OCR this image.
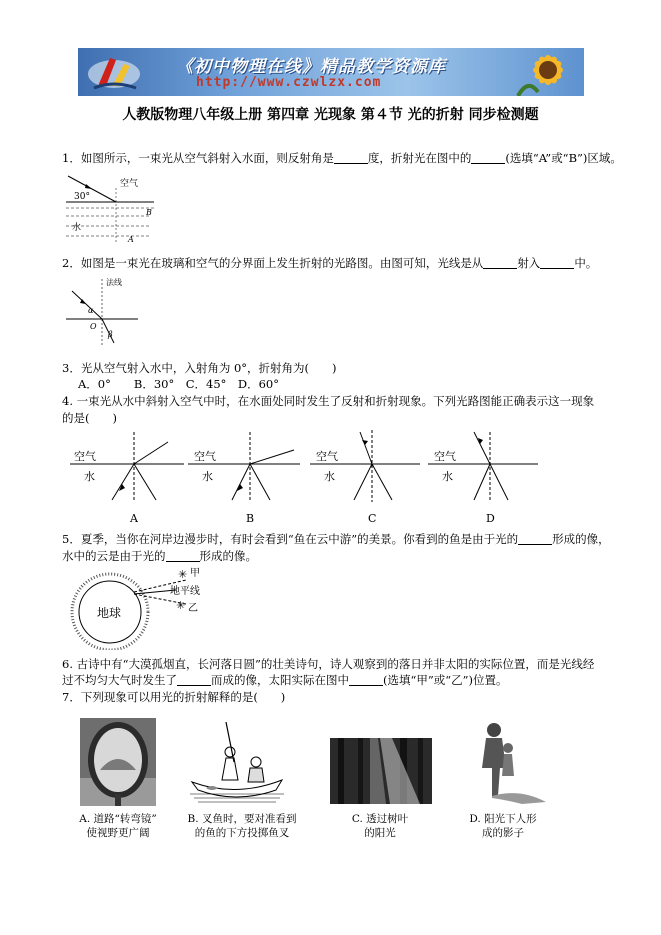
《初中物理在线》精品教学资源库
http://www.czwlzx.com
人教版物理八年级上册 第四章 光现象 第４节 光的折射 同步检测题
1．如图所示，一束光从空气斜射入水面，则反射角是	度，折射光在图中的	(选填“A”或“B”)区域。
30°
空气
水
B
A
2．如图是一束光在玻璃和空气的分界面上发生折射的光路图。由图可知，光线是从	射入	中。
法线
α
O
β
3．光从空气射入水中，入射角为 0°，折射角为(　　)
A．0°　　B．30°　C．45°　D．60°
4. 一束光从水中斜射入空气中时，在水面处同时发生了反射和折射现象。下列光路图能正确表示这一现象
的是(　　)
空气
水
A
空气
水
B
空气
水
C
空气
水
D
5．夏季，当你在河岸边漫步时，有时会看到“鱼在云中游”的美景。你看到的鱼是由于光的	形成的像，
水中的云是由于光的	形成的像。
地球
✳ 甲
地平线
✳ 乙
6. 古诗中有“大漠孤烟直，长河落日圆”的壮美诗句，诗人观察到的落日并非太阳的实际位置，而是光线经
过不均匀大气时发生了	而成的像，太阳实际在图中	(选填“甲”或“乙”)位置。
7．下列现象可以用光的折射解释的是(　　)
A. 道路“转弯镜”
使视野更广阔
B. 叉鱼时，要对准看到
的鱼的下方投掷鱼叉
C. 透过树叶
的阳光
D. 阳光下人形
成的影子
